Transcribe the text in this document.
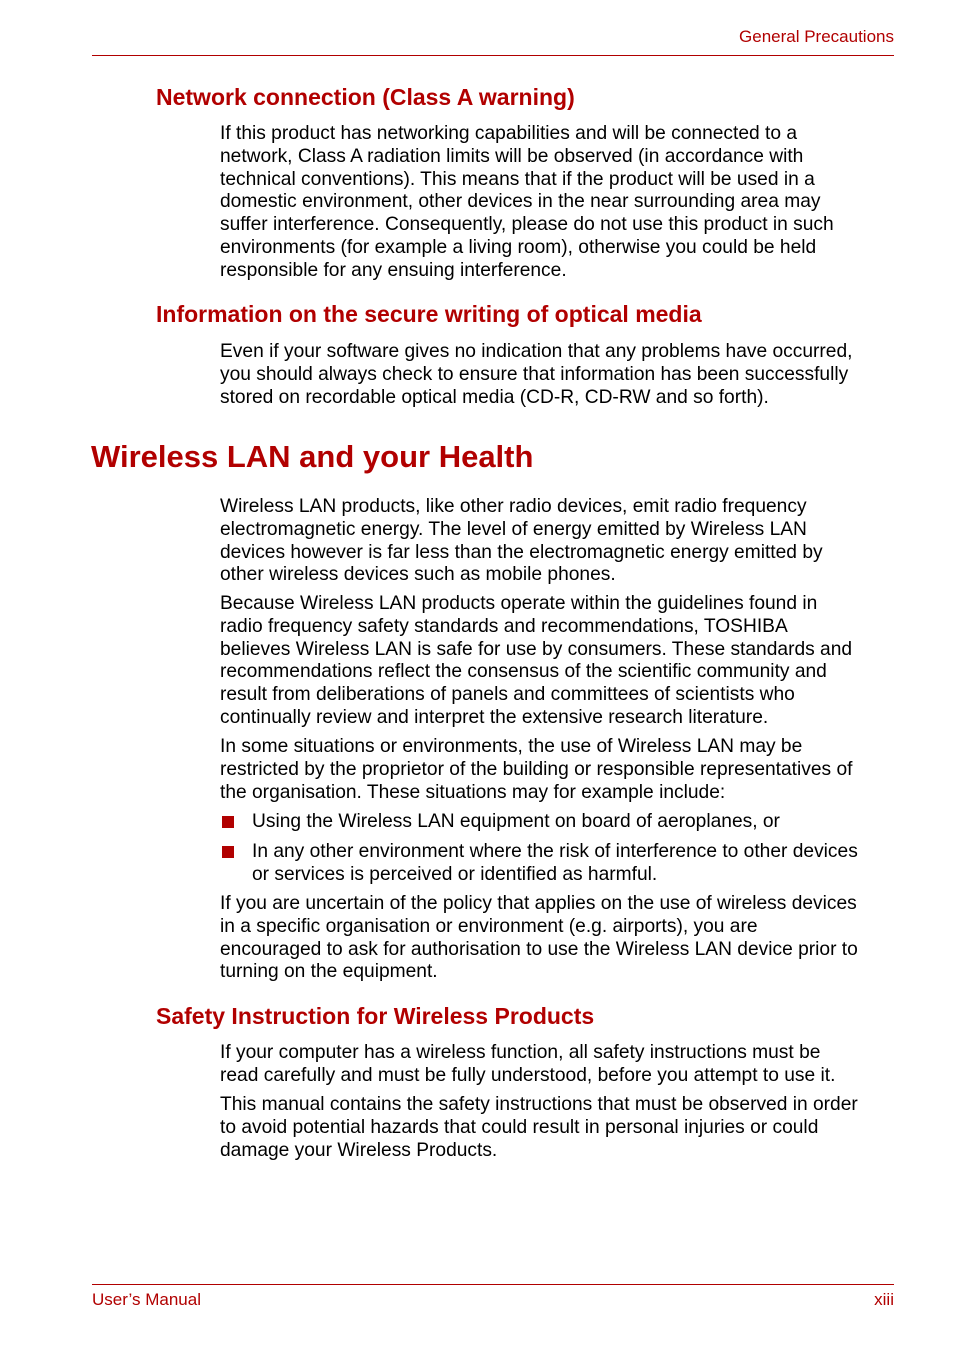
General Precautions
Network connection (Class A warning)
If this product has networking capabilities and will be connected to a
network, Class A radiation limits will be observed (in accordance with
technical conventions). This means that if the product will be used in a
domestic environment, other devices in the near surrounding area may
suffer interference. Consequently, please do not use this product in such
environments (for example a living room), otherwise you could be held
responsible for any ensuing interference.
Information on the secure writing of optical media
Even if your software gives no indication that any problems have occurred,
you should always check to ensure that information has been successfully
stored on recordable optical media (CD-R, CD-RW and so forth).
Wireless LAN and your Health
Wireless LAN products, like other radio devices, emit radio frequency
electromagnetic energy. The level of energy emitted by Wireless LAN
devices however is far less than the electromagnetic energy emitted by
other wireless devices such as mobile phones.
Because Wireless LAN products operate within the guidelines found in
radio frequency safety standards and recommendations, TOSHIBA
believes Wireless LAN is safe for use by consumers. These standards and
recommendations reflect the consensus of the scientific community and
result from deliberations of panels and committees of scientists who
continually review and interpret the extensive research literature.
In some situations or environments, the use of Wireless LAN may be
restricted by the proprietor of the building or responsible representatives of
the organisation. These situations may for example include:
Using the Wireless LAN equipment on board of aeroplanes, or
In any other environment where the risk of interference to other devices
or services is perceived or identified as harmful.
If you are uncertain of the policy that applies on the use of wireless devices
in a specific organisation or environment (e.g. airports), you are
encouraged to ask for authorisation to use the Wireless LAN device prior to
turning on the equipment.
Safety Instruction for Wireless Products
If your computer has a wireless function, all safety instructions must be
read carefully and must be fully understood, before you attempt to use it.
This manual contains the safety instructions that must be observed in order
to avoid potential hazards that could result in personal injuries or could
damage your Wireless Products.
User’s Manual	xiii
